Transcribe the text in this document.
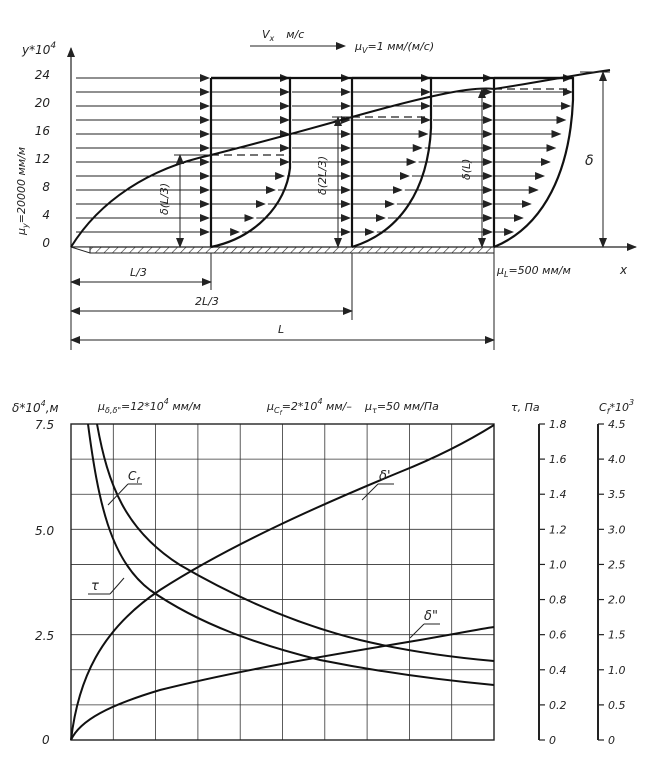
$y*10^4$
24
20
16
12
8
4
0
$\mu_y=20000$ мм/м
$V_x$ м/с
$\mu_V=1$ мм/(м/с)
δ(L/3)
δ(2L/3)	δ(L)	δ
L/3
2L/3
L
$\mu_L=500$ мм/м	x
$C_f$
τ
δ'
δ"
$\delta*10^4,м$
7.5
5.0
2.5
0
$\mu_{\delta,\delta"}=12*10^4$ мм/м	$\mu_Cf=2*10^4$ мм/– $\mu_\tau=50$ мм/Па	τ, Па
1.8
1.6
1.4
1.2
1.0
0.8
0.6
0.4
0.2
0
$C_f*10^3$
4.5
4.0
3.5
3.0
2.5
2.0
1.5
1.0
0.5
0
